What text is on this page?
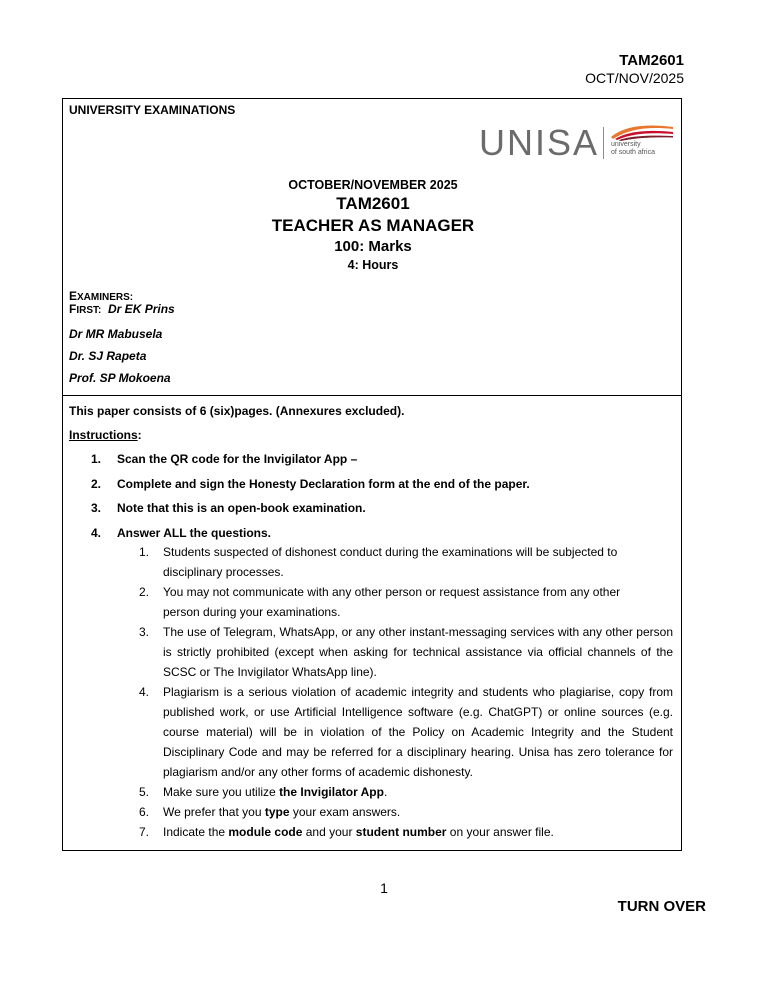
TAM2601
OCT/NOV/2025
UNIVERSITY EXAMINATIONS
UNISA university
of south africa
OCTOBER/NOVEMBER 2025
TAM2601
TEACHER AS MANAGER
100: Marks
4: Hours
EXAMINERS:
FIRST: Dr EK Prins
Dr MR Mabusela
Dr. SJ Rapeta
Prof. SP Mokoena
This paper consists of 6 (six)pages. (Annexures excluded).
Instructions:
1. Scan the QR code for the Invigilator App –
2. Complete and sign the Honesty Declaration form at the end of the paper.
3. Note that this is an open-book examination.
4. Answer ALL the questions.
1. Students suspected of dishonest conduct during the examinations will be subjected to disciplinary processes.
2. You may not communicate with any other person or request assistance from any other person during your examinations.
3. The use of Telegram, WhatsApp, or any other instant-messaging services with any other person is strictly prohibited (except when asking for technical assistance via official channels of the SCSC or The Invigilator WhatsApp line).
4. Plagiarism is a serious violation of academic integrity and students who plagiarise, copy from published work, or use Artificial Intelligence software (e.g. ChatGPT) or online sources (e.g. course material) will be in violation of the Policy on Academic Integrity and the Student Disciplinary Code and may be referred for a disciplinary hearing. Unisa has zero tolerance for plagiarism and/or any other forms of academic dishonesty.
5. Make sure you utilize the Invigilator App.
6. We prefer that you type your exam answers.
7. Indicate the module code and your student number on your answer file.
1
TURN OVER
